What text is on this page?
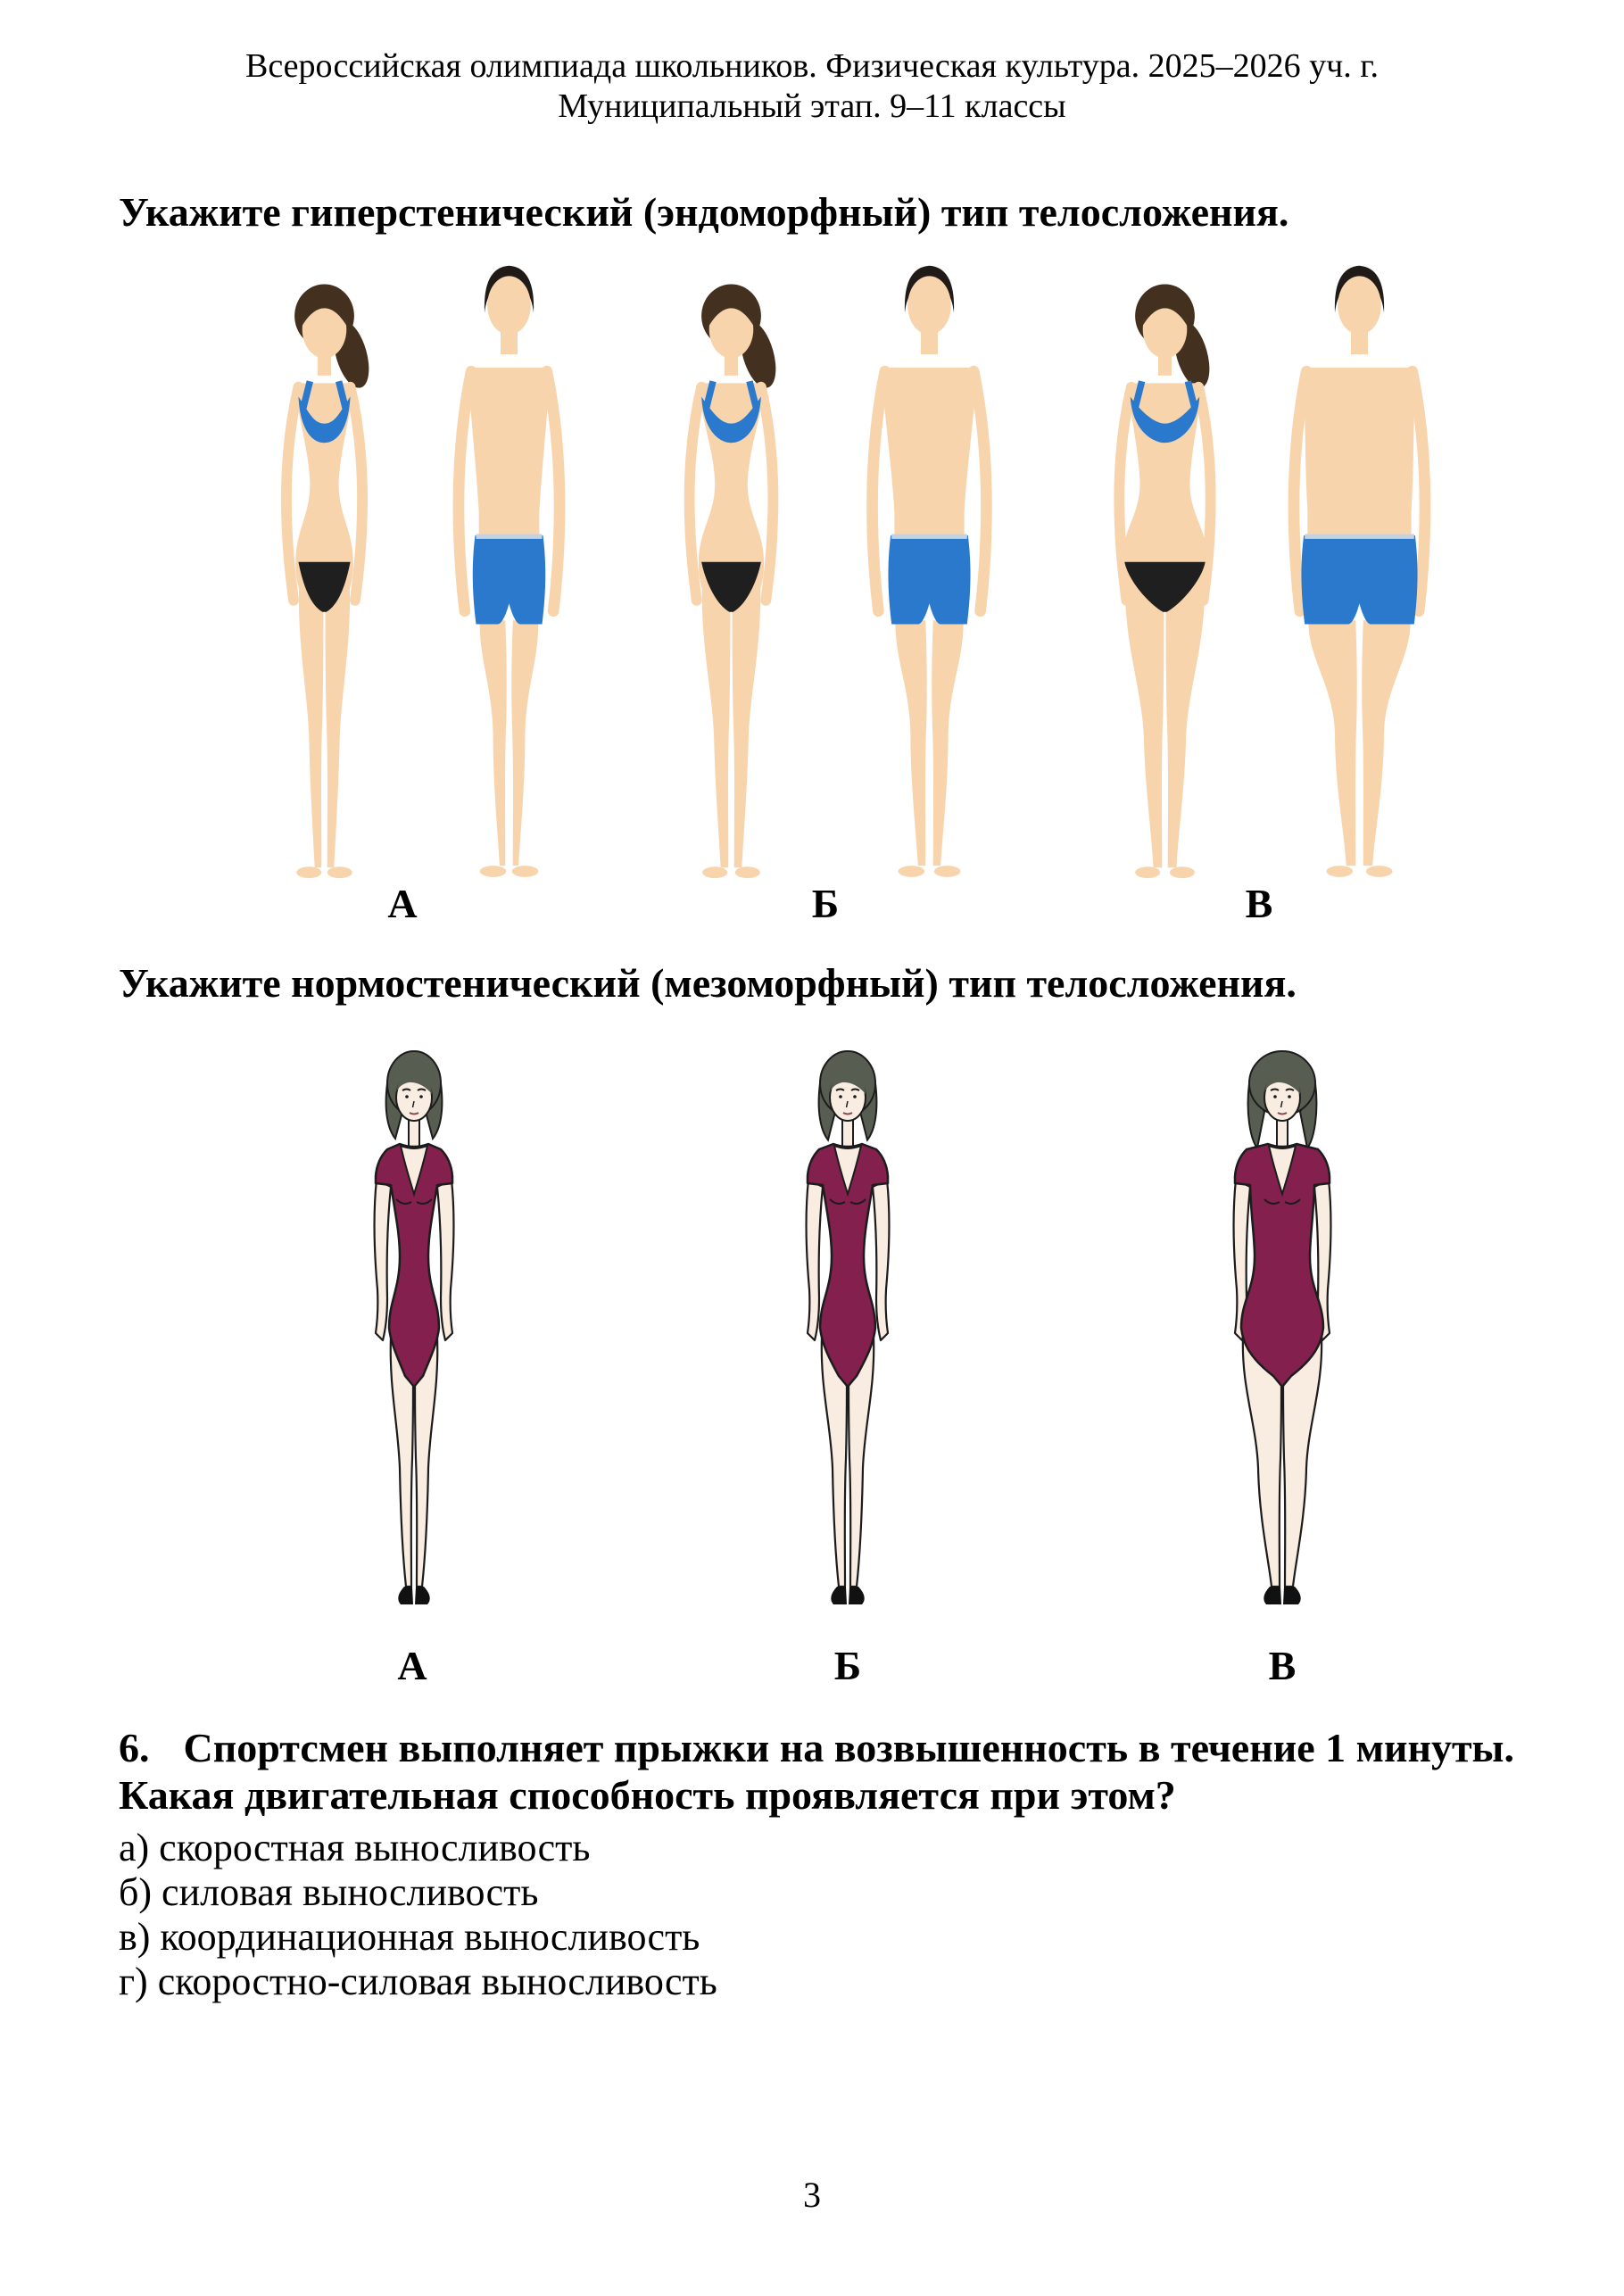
Всероссийская олимпиада школьников. Физическая культура. 2025–2026 уч. г.
Муниципальный этап. 9–11 классы
Укажите гиперстенический (эндоморфный) тип телосложения.
А	Б	В
Укажите нормостенический (мезоморфный) тип телосложения.
А	Б	В
6. Спортсмен выполняет прыжки на возвышенность в течение 1 минуты.
Какая двигательная способность проявляется при этом?
а) скоростная выносливость
б) силовая выносливость
в) координационная выносливость
г) скоростно-силовая выносливость
3
